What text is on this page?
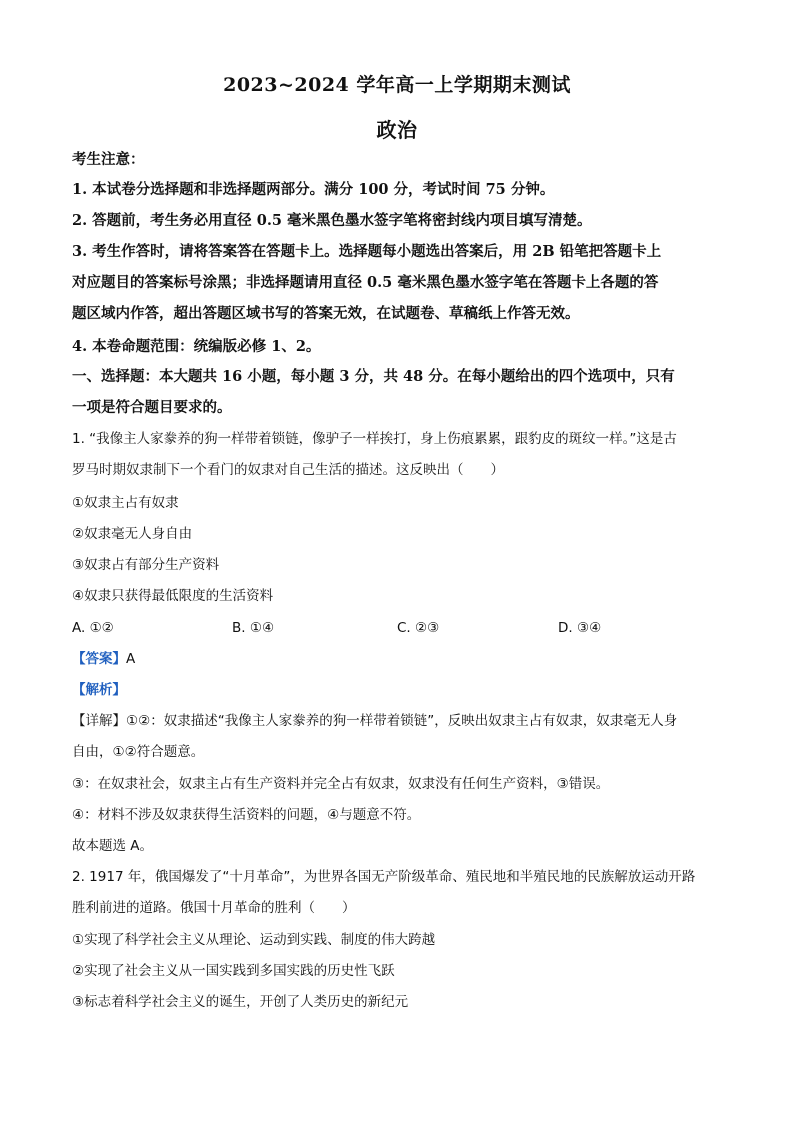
2023~2024 学年高一上学期期末测试
政治
考生注意：
1. 本试卷分选择题和非选择题两部分。满分 100 分，考试时间 75 分钟。
2. 答题前，考生务必用直径 0.5 毫米黑色墨水签字笔将密封线内项目填写清楚。
3. 考生作答时，请将答案答在答题卡上。选择题每小题选出答案后，用 2B 铅笔把答题卡上
对应题目的答案标号涂黑；非选择题请用直径 0.5 毫米黑色墨水签字笔在答题卡上各题的答
题区域内作答，超出答题区域书写的答案无效，在试题卷、草稿纸上作答无效。
4. 本卷命题范围：统编版必修 1、2。
一、选择题：本大题共 16 小题，每小题 3 分，共 48 分。在每小题给出的四个选项中，只有
一项是符合题目要求的。
1. “我像主人家豢养的狗一样带着锁链，像驴子一样挨打，身上伤痕累累，跟豹皮的斑纹一样。”这是古
罗马时期奴隶制下一个看门的奴隶对自己生活的描述。这反映出（　　）
①奴隶主占有奴隶
②奴隶毫无人身自由
③奴隶占有部分生产资料
④奴隶只获得最低限度的生活资料
A. ①②	B. ①④	C. ②③	D. ③④
【答案】A
【解析】
【详解】①②：奴隶描述“我像主人家豢养的狗一样带着锁链”，反映出奴隶主占有奴隶，奴隶毫无人身
自由，①②符合题意。
③：在奴隶社会，奴隶主占有生产资料并完全占有奴隶，奴隶没有任何生产资料，③错误。
④：材料不涉及奴隶获得生活资料的问题，④与题意不符。
故本题选 A。
2. 1917 年，俄国爆发了“十月革命”，为世界各国无产阶级革命、殖民地和半殖民地的民族解放运动开路
胜利前进的道路。俄国十月革命的胜利（　　）
①实现了科学社会主义从理论、运动到实践、制度的伟大跨越
②实现了社会主义从一国实践到多国实践的历史性飞跃
③标志着科学社会主义的诞生，开创了人类历史的新纪元
